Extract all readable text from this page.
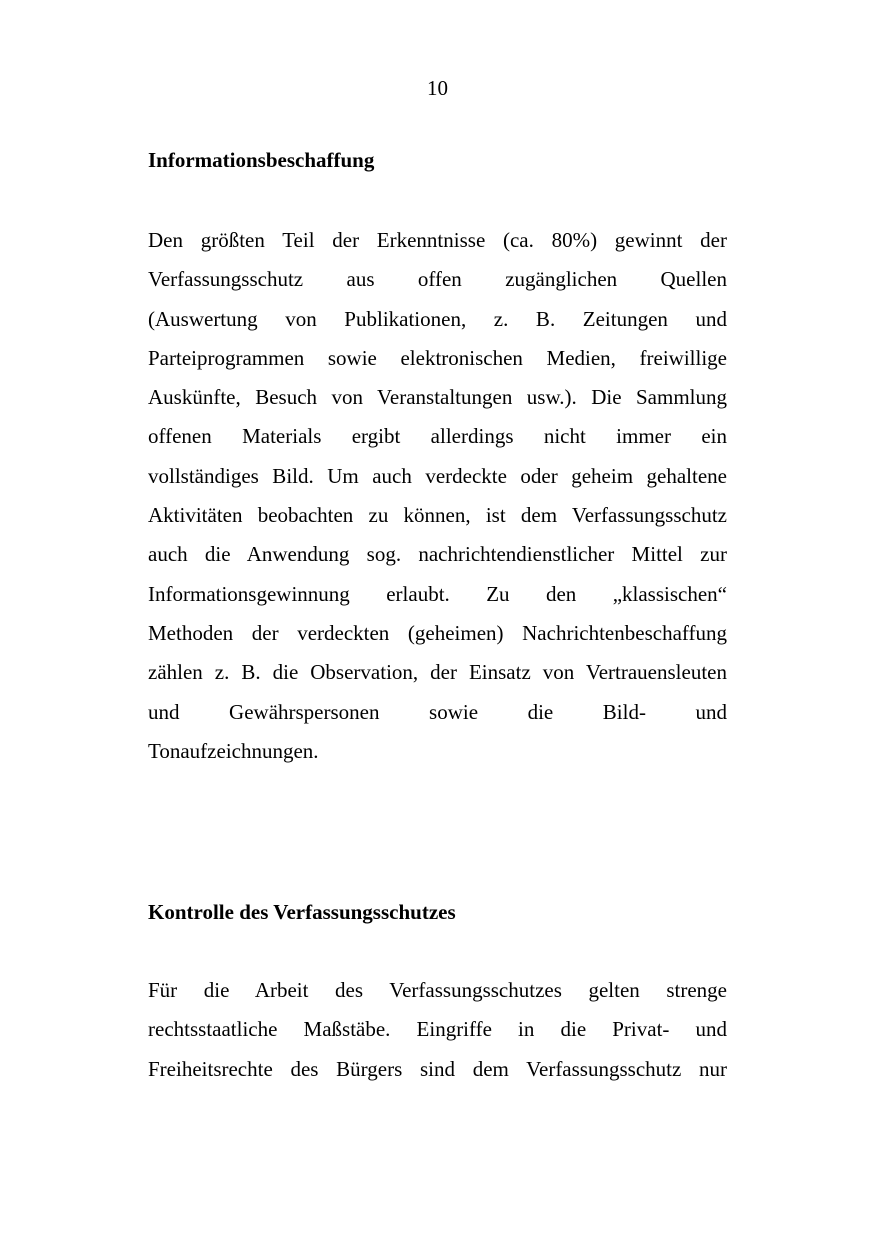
10
Informationsbeschaffung
Den größten Teil der Erkenntnisse (ca. 80%) gewinnt der
Verfassungsschutz aus offen zugänglichen Quellen
(Auswertung von Publikationen, z. B. Zeitungen und
Parteiprogrammen sowie elektronischen Medien, freiwillige
Auskünfte, Besuch von Veranstaltungen usw.). Die Sammlung
offenen Materials ergibt allerdings nicht immer ein
vollständiges Bild. Um auch verdeckte oder geheim gehaltene
Aktivitäten beobachten zu können, ist dem Verfassungsschutz
auch die Anwendung sog. nachrichtendienstlicher Mittel zur
Informationsgewinnung erlaubt. Zu den „klassischen“
Methoden der verdeckten (geheimen) Nachrichtenbeschaffung
zählen z. B. die Observation, der Einsatz von Vertrauensleuten
und Gewährspersonen sowie die Bild- und
Tonaufzeichnungen.
Kontrolle des Verfassungsschutzes
Für die Arbeit des Verfassungsschutzes gelten strenge
rechtsstaatliche Maßstäbe. Eingriffe in die Privat- und
Freiheitsrechte des Bürgers sind dem Verfassungsschutz nur
